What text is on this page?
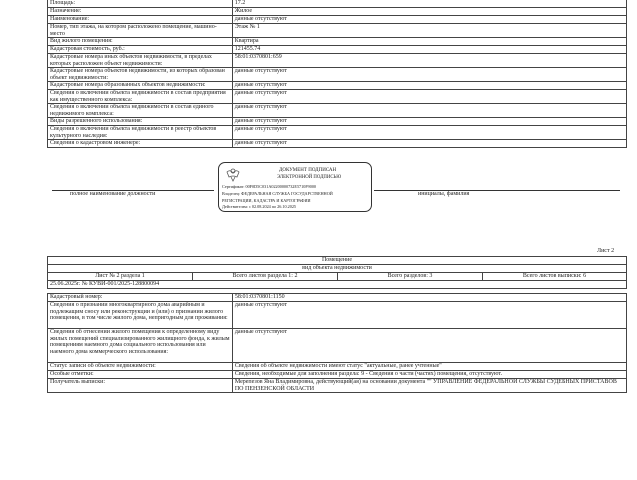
Площадь:	17.2
Назначение:	Жилое
Наименование:	данные отсутствуют
Номер, тип этажа, на котором расположено помещение, машино-место	Этаж № 1
Вид жилого помещения:	Квартира
Кадастровая стоимость, руб.:	121455.74
Кадастровые номера иных объектов недвижимости, в пределах которых расположен объект недвижимости:	58:01:0370801:659
Кадастровые номера объектов недвижимости, из которых образован объект недвижимости:	данные отсутствуют
Кадастровые номера образованных объектов недвижимости:	данные отсутствуют
Сведения о включении объекта недвижимости в состав предприятия как имущественного комплекса:	данные отсутствуют
Сведения о включении объекта недвижимости в состав единого недвижимого комплекса:	данные отсутствуют
Виды разрешенного использования:	данные отсутствуют
Сведения о включении объекта недвижимости в реестр объектов культурного наследия:	данные отсутствуют
Сведения о кадастровом инженере:	данные отсутствуют
полное наименование должности	инициалы, фамилия
ДОКУМЕНТ ПОДПИСАН
ЭЛЕКТРОННОЙ ПОДПИСЬЮ
Сертификат: 00F0D5C031A02200000732E5710F9000
Владелец: ФЕДЕРАЛЬНАЯ СЛУЖБА ГОСУДАРСТВЕННОЙ
РЕГИСТРАЦИИ, КАДАСТРА И КАРТОГРАФИИ
Действителен: с 02.08.2024 по 26.10.2025
Лист 2
Помещение
вид объекта недвижимости
Лист № 2 раздела 1	Всего листов раздела 1: 2	Всего разделов: 3	Всего листов выписки: 6
25.06.2025г. № КУВИ-001/2025-128800094
Кадастровый номер:	58:01:0370801:1150
Сведения о признании многоквартирного дома аварийным и подлежащим сносу или реконструкции и (или) о признании жилого помещения, в том числе жилого дома, непригодным для проживания:	данные отсутствуют
Сведения об отнесении жилого помещения к определенному виду жилых помещений специализированного жилищного фонда, к жилым помещениям наемного дома социального использования или наемного дома коммерческого использования:	данные отсутствуют
Статус записи об объекте недвижимости:	Сведения об объекте недвижимости имеют статус "актуальные, ранее учтенные"
Особые отметки:	Сведения, необходимые для заполнения раздела: 9 - Сведения о части (частях) помещения, отсутствуют.
Получатель выписки:	Мерепезов Яна Владимировна, действующий(ая) на основании документа "" УПРАВЛЕНИЕ ФЕДЕРАЛЬНОЙ СЛУЖБЫ СУДЕБНЫХ ПРИСТАВОВ ПО ПЕНЗЕНСКОЙ ОБЛАСТИ
